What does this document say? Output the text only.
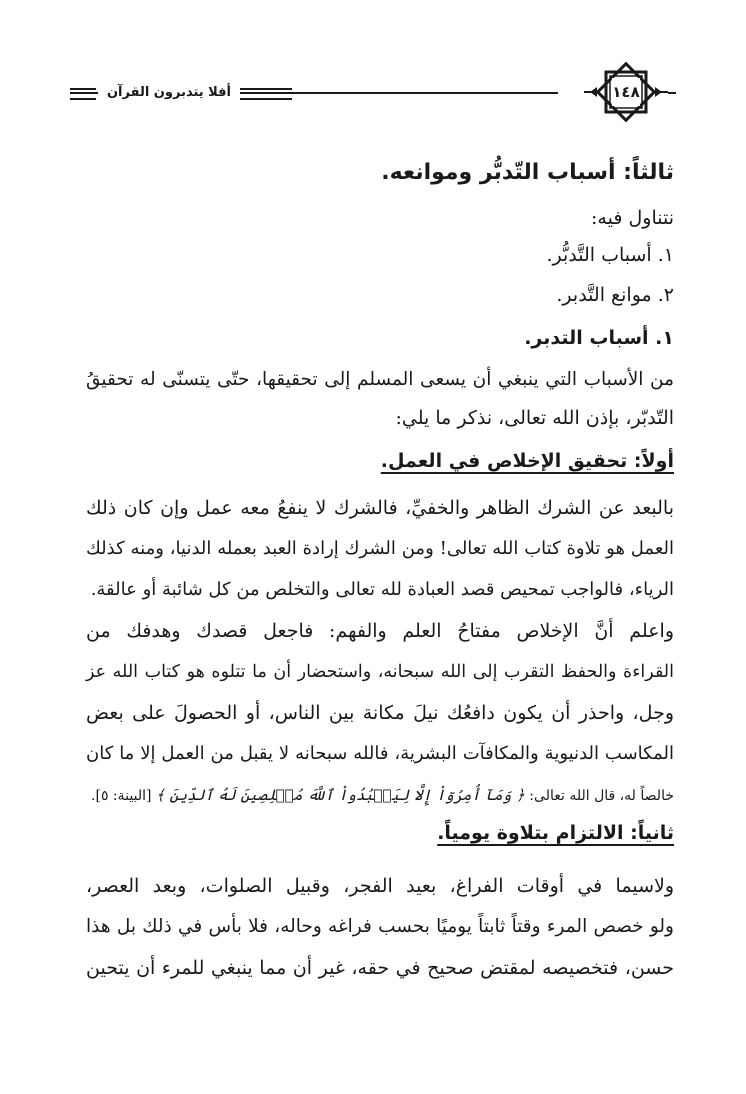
أفلا يتدبرون القرآن	١٤٨
ثالثاً: أسباب التّدبُّر وموانعه.
نتناول فيه:
١. أسباب التَّدبُّر.
٢. موانع التَّدبر.
١. أسباب التدبر.
من الأسباب التي ينبغي أن يسعى المسلم إلى تحقيقها، حتّى يتسنّى له تحقيقُ
التّدبّر، بإذن الله تعالى، نذكر ما يلي:
أولاً: تحقيق الإخلاص في العمل.
بالبعد عن الشرك الظاهر والخفيِّ، فالشرك لا ينفعُ معه عمل وإن كان ذلك
العمل هو تلاوة كتاب الله تعالى! ومن الشرك إرادة العبد بعمله الدنيا، ومنه كذلك
الرياء، فالواجب تمحيص قصد العبادة لله تعالى والتخلص من كل شائبة أو عالقة.
واعلم أنَّ الإخلاص مفتاحُ العلم والفهم: فاجعل قصدك وهدفك من
القراءة والحفظ التقرب إلى الله سبحانه، واستحضار أن ما تتلوه هو كتاب الله عز
وجل، واحذر أن يكون دافعُك نيلَ مكانة بين الناس، أو الحصولَ على بعض
المكاسب الدنيوية والمكافآت البشرية، فالله سبحانه لا يقبل من العمل إلا ما كان
خالصاً له، قال الله تعالى: ﴿ وَمَآ أُمِرُوٓاْ إِلَّا لِيَعۡبُدُواْ ٱللَّهَ مُخۡلِصِينَ لَهُ ٱلدِّينَ ﴾ [البينة: ٥].
ثانياً: الالتزام بتلاوة يومياً.
ولاسيما في أوقات الفراغ، بعيد الفجر، وقبيل الصلوات، وبعد العصر،
ولو خصص المرء وقتاً ثابتاً يوميًا بحسب فراغه وحاله، فلا بأس في ذلك بل هذا
حسن، فتخصيصه لمقتض صحيح في حقه، غير أن مما ينبغي للمرء أن يتحين
